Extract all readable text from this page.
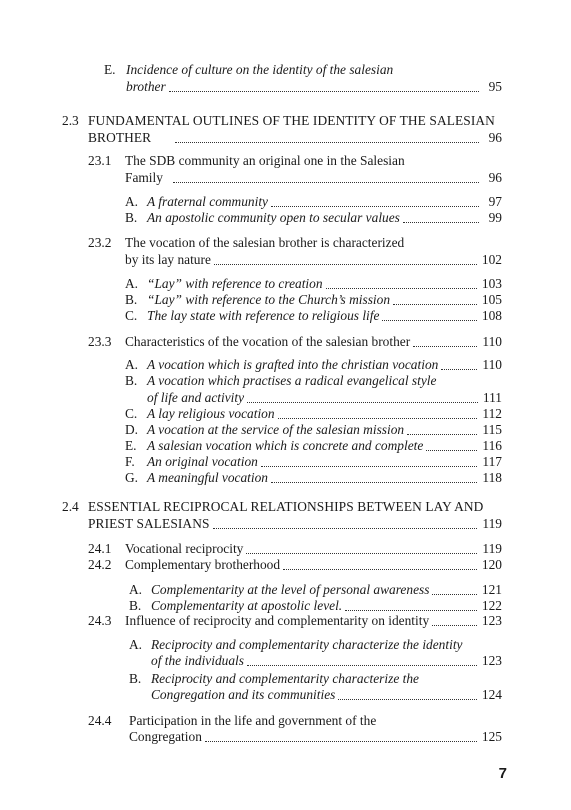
E. Incidence of culture on the identity of the salesian
brother	95
2.3 FUNDAMENTAL OUTLINES OF THE IDENTITY OF THE SALESIAN
BROTHER	96
23.1 The SDB community an original one in the Salesian
Family	96
A. A fraternal community	97
B. An apostolic community open to secular values	99
23.2 The vocation of the salesian brother is characterized
by its lay nature	102
A. “Lay” with reference to creation	103
B. “Lay” with reference to the Church’s mission	105
C. The lay state with reference to religious life	108
23.3 Characteristics of the vocation of the salesian brother	110
A. A vocation which is grafted into the christian vocation	110
B. A vocation which practises a radical evangelical style
of life and activity	111
C. A lay religious vocation	112
D. A vocation at the service of the salesian mission	115
E. A salesian vocation which is concrete and complete	116
F. An original vocation	117
G. A meaningful vocation	118
2.4 ESSENTIAL RECIPROCAL RELATIONSHIPS BETWEEN LAY AND
PRIEST SALESIANS	119
24.1 Vocational reciprocity	119
24.2 Complementary brotherhood	120
A. Complementarity at the level of personal awareness	121
B. Complementarity at apostolic level.	122
24.3 Influence of reciprocity and complementarity on identity	123
A. Reciprocity and complementarity characterize the identity
of the individuals	123
B. Reciprocity and complementarity characterize the
Congregation and its communities	124
24.4 Participation in the life and government of the
Congregation	125
7
